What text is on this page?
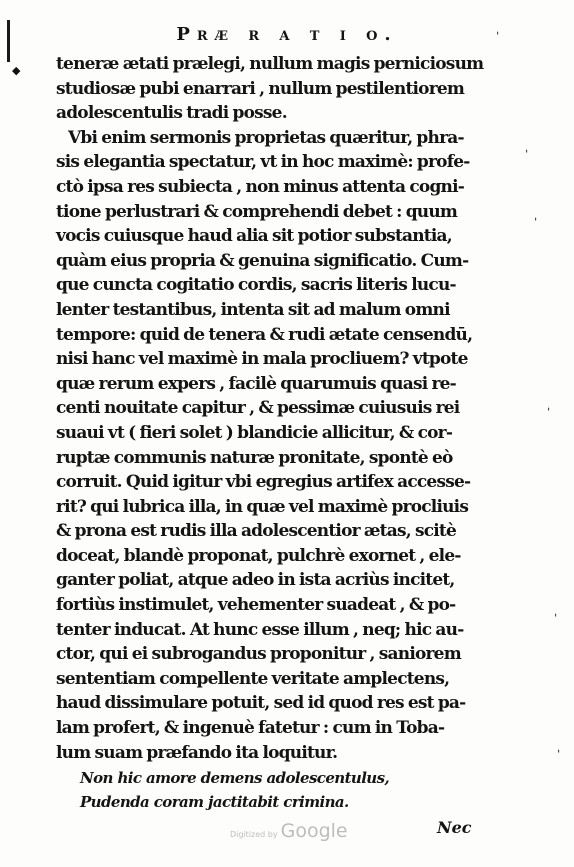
◆
ˈ
ˈ
ˈ
ˈ
ˈ
ˈ
Præ r a t i o.
teneræ ætati prælegi, nullum magis perniciosum
studiosæ pubi enarrari , nullum pestilentiorem
adolescentulis tradi posse.
Vbi enim sermonis proprietas quæritur, phra-
sis elegantia spectatur, vt in hoc maximè: profe-
ctò ipsa res subiecta , non minus attenta cogni-
tione perlustrari & comprehendi debet : quum
vocis cuiusque haud alia sit potior substantia,
quàm eius propria & genuina significatio. Cum-
que cuncta cogitatio cordis, sacris literis lucu-
lenter testantibus, intenta sit ad malum omni
tempore: quid de tenera & rudi ætate censendū,
nisi hanc vel maximè in mala procliuem? vtpote
quæ rerum expers , facilè quarumuis quasi re-
centi nouitate capitur , & pessimæ cuiusuis rei
suaui vt ( fieri solet ) blandicie allicitur, & cor-
ruptæ communis naturæ pronitate, spontè eò
corruit. Quid igitur vbi egregius artifex accesse-
rit? qui lubrica illa, in quæ vel maximè procliuis
& prona est rudis illa adolescentior ætas, scitè
doceat, blandè proponat, pulchrè exornet , ele-
ganter poliat, atque adeo in ista acriùs incitet,
fortiùs instimulet, vehementer suadeat , & po-
tenter inducat. At hunc esse illum , neq; hic au-
ctor, qui ei subrogandus proponitur , saniorem
sententiam compellente veritate amplectens,
haud dissimulare potuit, sed id quod res est pa-
lam profert, & ingenuè fatetur : cum in Toba-
lum suam præfando ita loquitur.
Non hic amore demens adolescentulus,
Pudenda coram jactitabit crimina.
Digitized by Google	Nec
